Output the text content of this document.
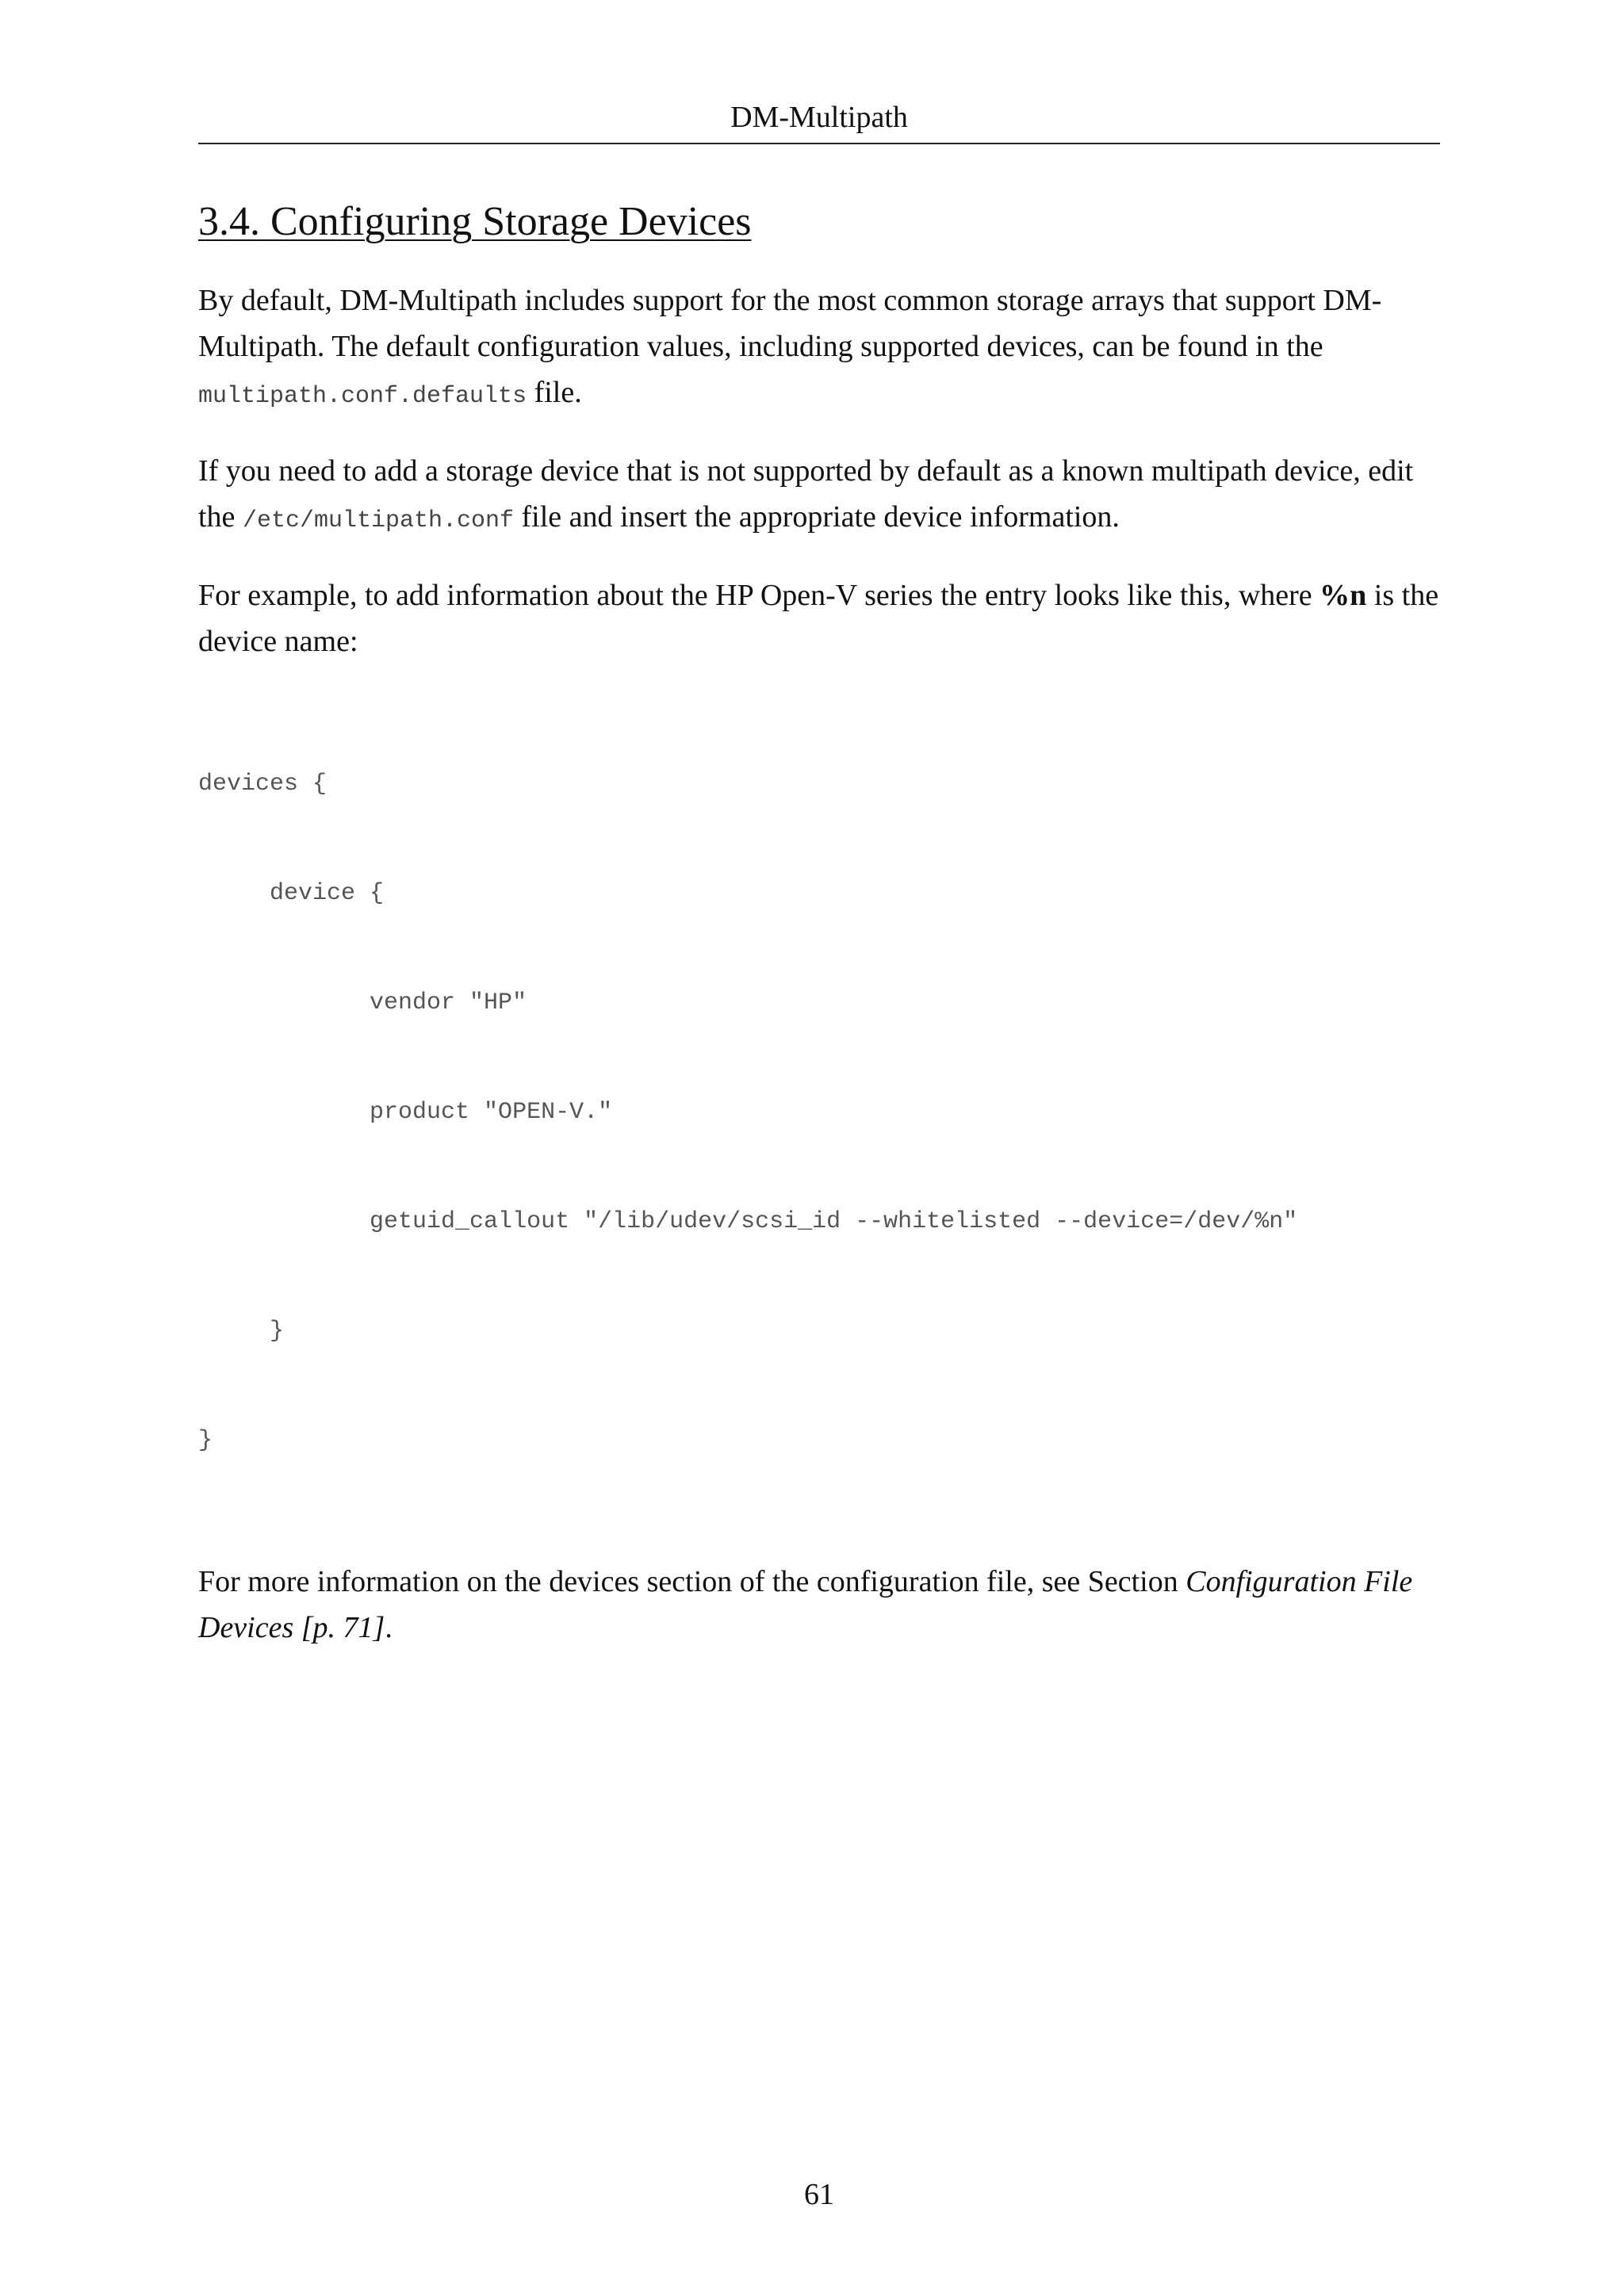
DM-Multipath
3.4. Configuring Storage Devices

By default, DM-Multipath includes support for the most common storage arrays that support DM-Multipath. The default configuration values, including supported devices, can be found in the multipath.conf.defaults file.

If you need to add a storage device that is not supported by default as a known multipath device, edit the /etc/multipath.conf file and insert the appropriate device information.

For example, to add information about the HP Open-V series the entry looks like this, where %n is the device name:

devices {

device {

vendor "HP"

product "OPEN-V."

getuid_callout "/lib/udev/scsi_id --whitelisted --device=/dev/%n"

}

}

For more information on the devices section of the configuration file, see Section Configuration File Devices [p. 71].

61
